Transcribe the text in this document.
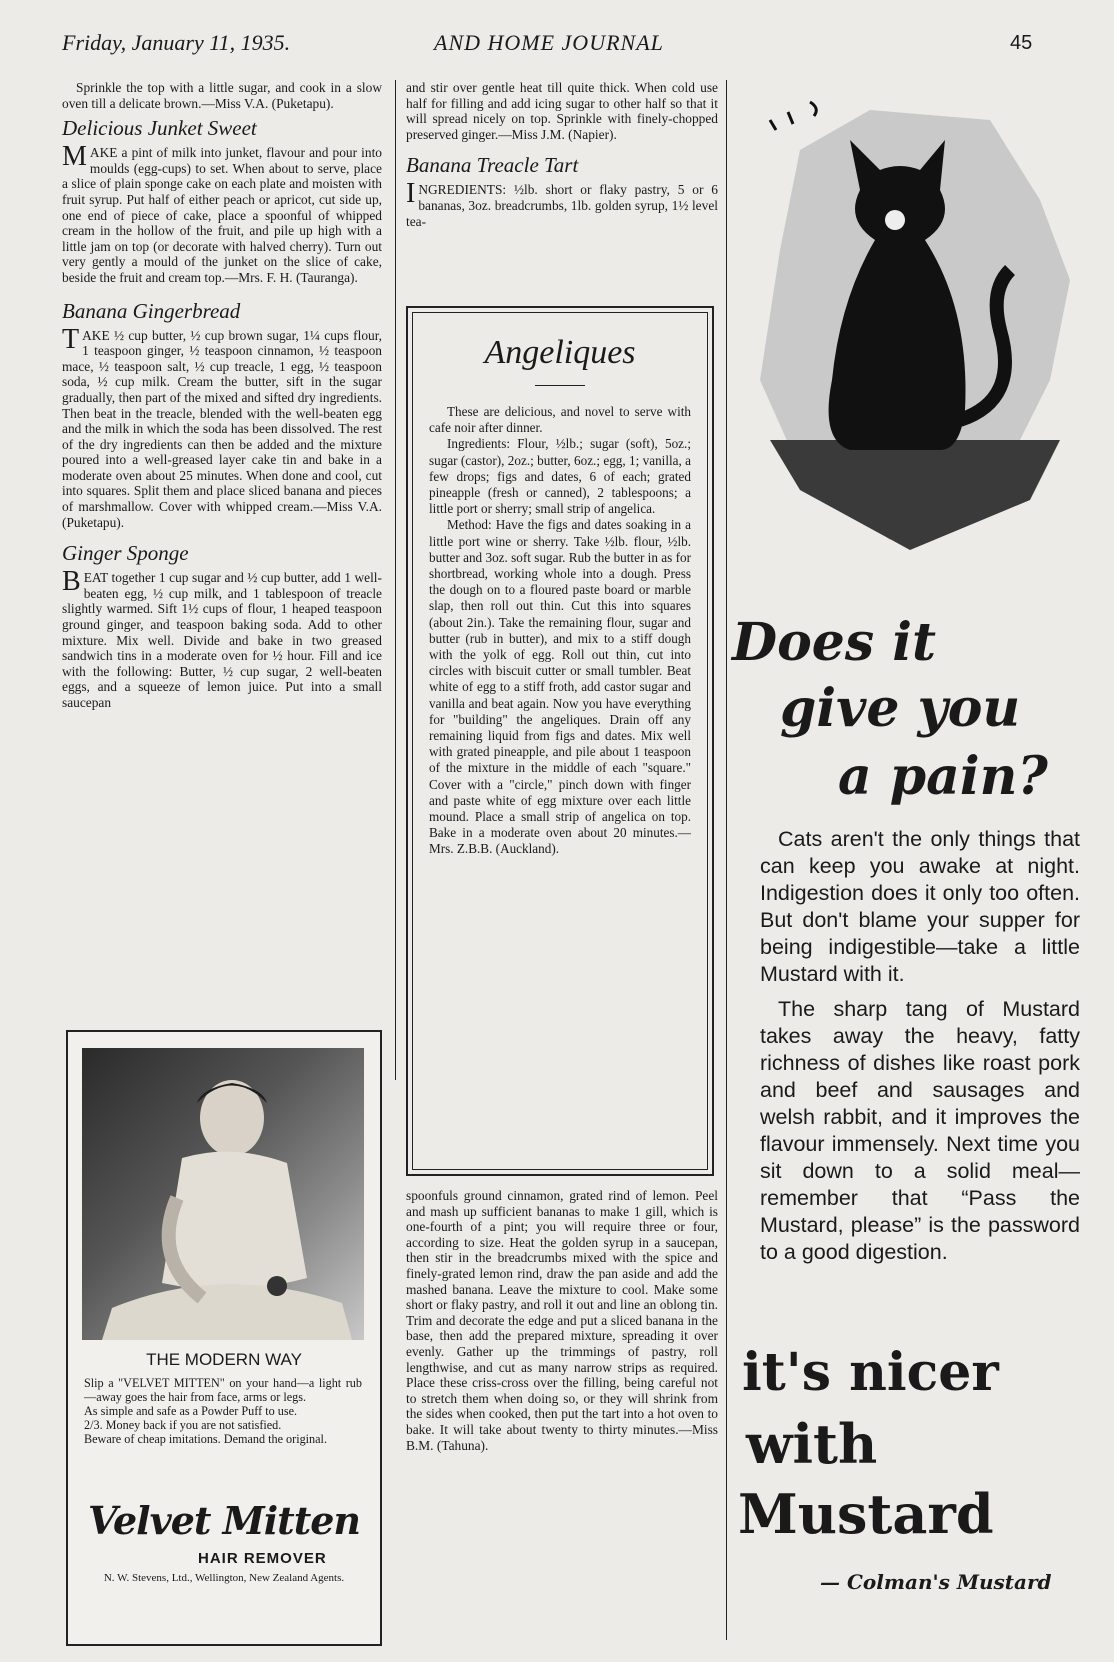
Friday, January 11, 1935.	AND HOME JOURNAL	45

Sprinkle the top with a little sugar, and cook in a slow oven till a delicate brown.—Miss V.A. (Puketapu).

Delicious Junket Sweet

MAKE a pint of milk into junket, flavour and pour into moulds (egg-cups) to set. When about to serve, place a slice of plain sponge cake on each plate and moisten with fruit syrup. Put half of either peach or apricot, cut side up, one end of piece of cake, place a spoonful of whipped cream in the hollow of the fruit, and pile up high with a little jam on top (or decorate with halved cherry). Turn out very gently a mould of the junket on the slice of cake, beside the fruit and cream top.—Mrs. F. H. (Tauranga).

Banana Gingerbread

TAKE ½ cup butter, ½ cup brown sugar, 1¼ cups flour, 1 teaspoon ginger, ½ teaspoon cinnamon, ½ teaspoon mace, ½ teaspoon salt, ½ cup treacle, 1 egg, ½ teaspoon soda, ½ cup milk. Cream the butter, sift in the sugar gradually, then part of the mixed and sifted dry ingredients. Then beat in the treacle, blended with the well-beaten egg and the milk in which the soda has been dissolved. The rest of the dry ingredients can then be added and the mixture poured into a well-greased layer cake tin and bake in a moderate oven about 25 minutes. When done and cool, cut into squares. Split them and place sliced banana and pieces of marshmallow. Cover with whipped cream.—Miss V.A. (Puketapu).

Ginger Sponge

BEAT together 1 cup sugar and ½ cup butter, add 1 well-beaten egg, ½ cup milk, and 1 tablespoon of treacle slightly warmed. Sift 1½ cups of flour, 1 heaped teaspoon ground ginger, and teaspoon baking soda. Add to other mixture. Mix well. Divide and bake in two greased sandwich tins in a moderate oven for ½ hour. Fill and ice with the following: Butter, ½ cup sugar, 2 well-beaten eggs, and a squeeze of lemon juice. Put into a small saucepan

THE MODERN WAY
Slip a "VELVET MITTEN" on your hand—a light rub—away goes the hair from face, arms or legs.
As simple and safe as a Powder Puff to use.
2/3. Money back if you are not satisfied.
Beware of cheap imitations. Demand the original.
Velvet Mitten
HAIR REMOVER
N. W. Stevens, Ltd., Wellington, New Zealand Agents.

and stir over gentle heat till quite thick. When cold use half for filling and add icing sugar to other half so that it will spread nicely on top. Sprinkle with finely-chopped preserved ginger.—Miss J.M. (Napier).

Banana Treacle Tart

INGREDIENTS: ½lb. short or flaky pastry, 5 or 6 bananas, 3oz. breadcrumbs, 1lb. golden syrup, 1½ level tea-

Angeliques

These are delicious, and novel to serve with cafe noir after dinner.

Ingredients: Flour, ½lb.; sugar (soft), 5oz.; sugar (castor), 2oz.; butter, 6oz.; egg, 1; vanilla, a few drops; figs and dates, 6 of each; grated pineapple (fresh or canned), 2 tablespoons; a little port or sherry; small strip of angelica.

Method: Have the figs and dates soaking in a little port wine or sherry. Take ½lb. flour, ½lb. butter and 3oz. soft sugar. Rub the butter in as for shortbread, working whole into a dough. Press the dough on to a floured paste board or marble slap, then roll out thin. Cut this into squares (about 2in.). Take the remaining flour, sugar and butter (rub in butter), and mix to a stiff dough with the yolk of egg. Roll out thin, cut into circles with biscuit cutter or small tumbler. Beat white of egg to a stiff froth, add castor sugar and vanilla and beat again. Now you have everything for "building" the angeliques. Drain off any remaining liquid from figs and dates. Mix well with grated pineapple, and pile about 1 teaspoon of the mixture in the middle of each "square." Cover with a "circle," pinch down with finger and paste white of egg mixture over each little mound. Place a small strip of angelica on top. Bake in a moderate oven about 20 minutes.—Mrs. Z.B.B. (Auckland).

spoonfuls ground cinnamon, grated rind of lemon. Peel and mash up sufficient bananas to make 1 gill, which is one-fourth of a pint; you will require three or four, according to size. Heat the golden syrup in a saucepan, then stir in the breadcrumbs mixed with the spice and finely-grated lemon rind, draw the pan aside and add the mashed banana. Leave the mixture to cool. Make some short or flaky pastry, and roll it out and line an oblong tin. Trim and decorate the edge and put a sliced banana in the base, then add the prepared mixture, spreading it over evenly. Gather up the trimmings of pastry, roll lengthwise, and cut as many narrow strips as required. Place these criss-cross over the filling, being careful not to stretch them when doing so, or they will shrink from the sides when cooked, then put the tart into a hot oven to bake. It will take about twenty to thirty minutes.—Miss B.M. (Tahuna).

Does it
give you
a pain?

Cats aren't the only things that can keep you awake at night. Indigestion does it only too often. But don't blame your supper for being indigestible—take a little Mustard with it.

The sharp tang of Mustard takes away the heavy, fatty richness of dishes like roast pork and beef and sausages and welsh rabbit, and it improves the flavour immensely. Next time you sit down to a solid meal—remember that “Pass the Mustard, please” is the password to a good digestion.

it's nicer
with
Mustard
— Colman's Mustard
